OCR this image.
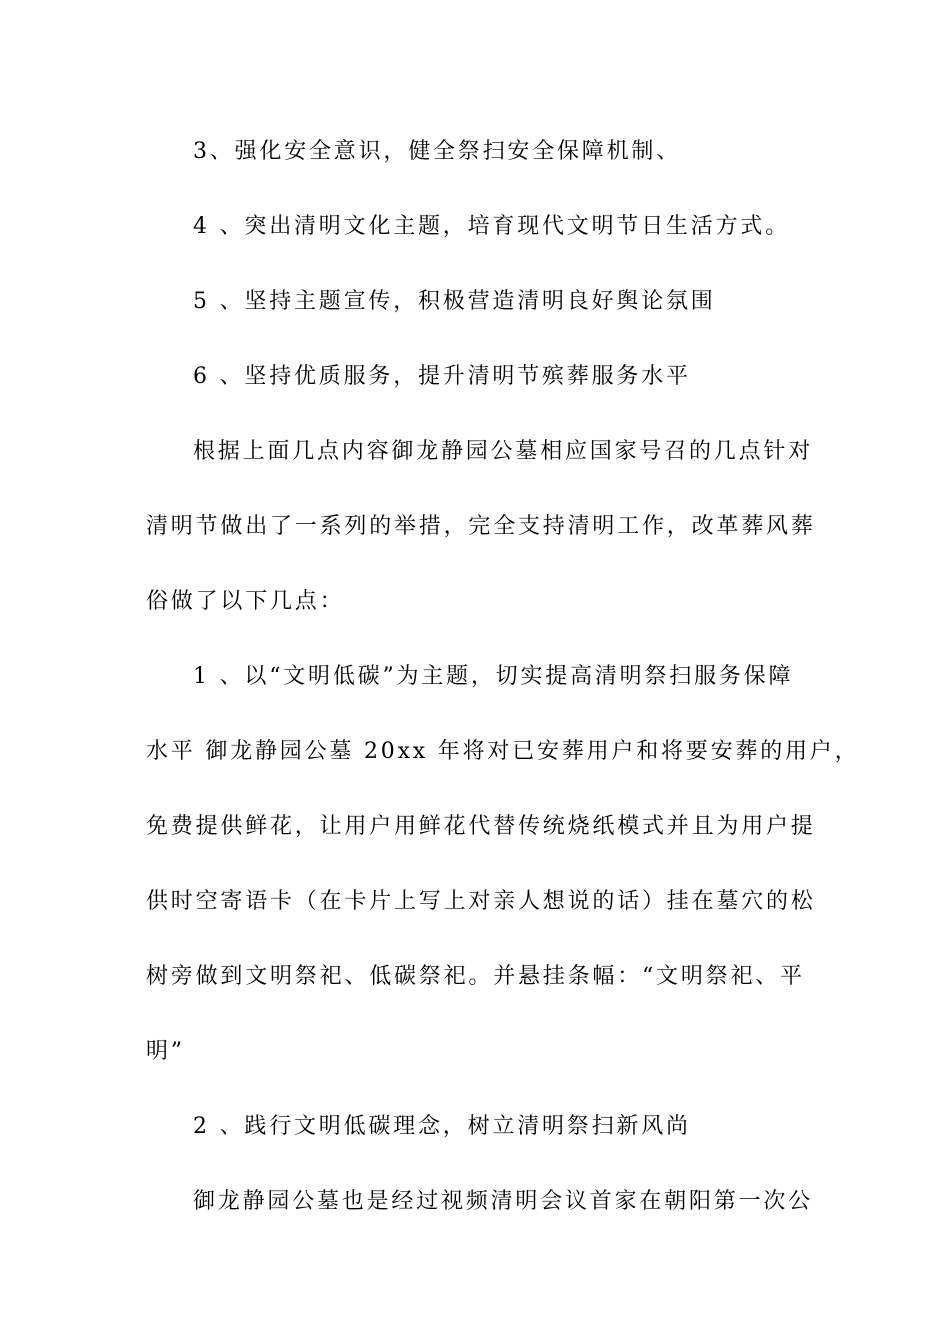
3、强化安全意识，健全祭扫安全保障机制、
4 、突出清明文化主题，培育现代文明节日生活方式。
5 、坚持主题宣传，积极营造清明良好舆论氛围
6 、坚持优质服务，提升清明节殡葬服务水平
根据上面几点内容御龙静园公墓相应国家号召的几点针对
清明节做出了一系列的举措，完全支持清明工作，改革葬风葬
俗做了以下几点：
1 、以“文明低碳”为主题，切实提高清明祭扫服务保障
水平 御龙静园公墓 20xx 年将对已安葬用户和将要安葬的用户，
免费提供鲜花，让用户用鲜花代替传统烧纸模式并且为用户提
供时空寄语卡（在卡片上写上对亲人想说的话）挂在墓穴的松
树旁做到文明祭祀、低碳祭祀。并悬挂条幅：“文明祭祀、平
明”
2 、践行文明低碳理念，树立清明祭扫新风尚
御龙静园公墓也是经过视频清明会议首家在朝阳第一次公
